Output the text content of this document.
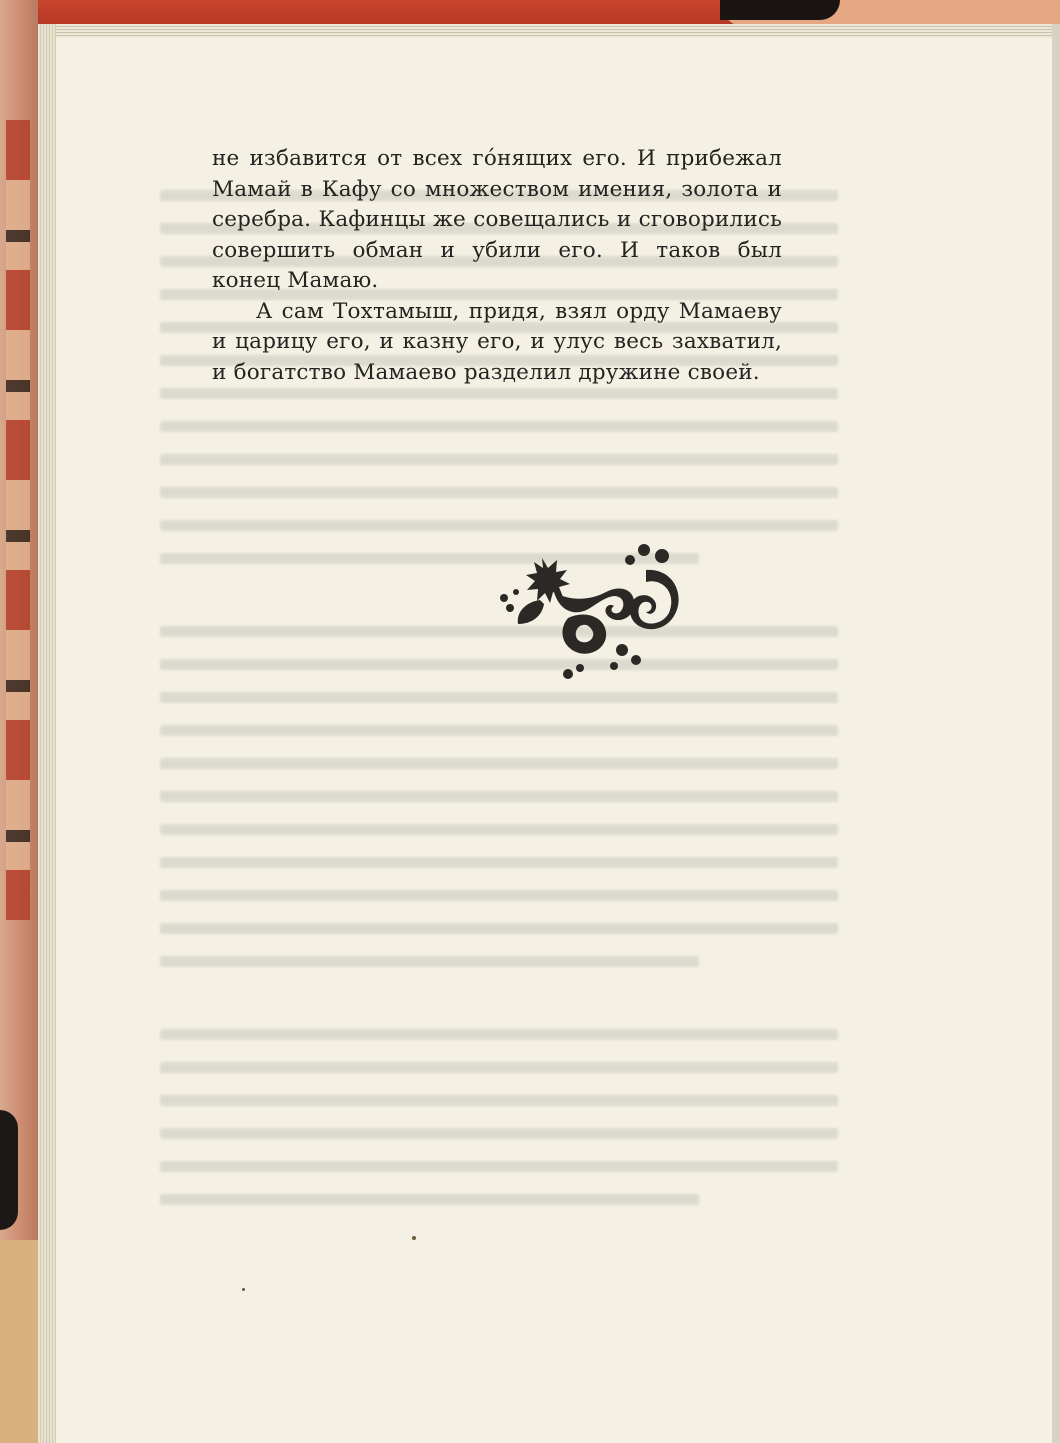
не избавится от всех гóнящих его. И прибежал Мамай в Кафу со множеством имения, золота и серебра. Кафинцы же совещались и сговорились совершить обман и убили его. И таков был конец Мамаю.

А сам Тохтамыш, придя, взял орду Мамаеву и царицу его, и казну его, и улус весь захватил, и богатство Мамаево разделил дружине своей.
